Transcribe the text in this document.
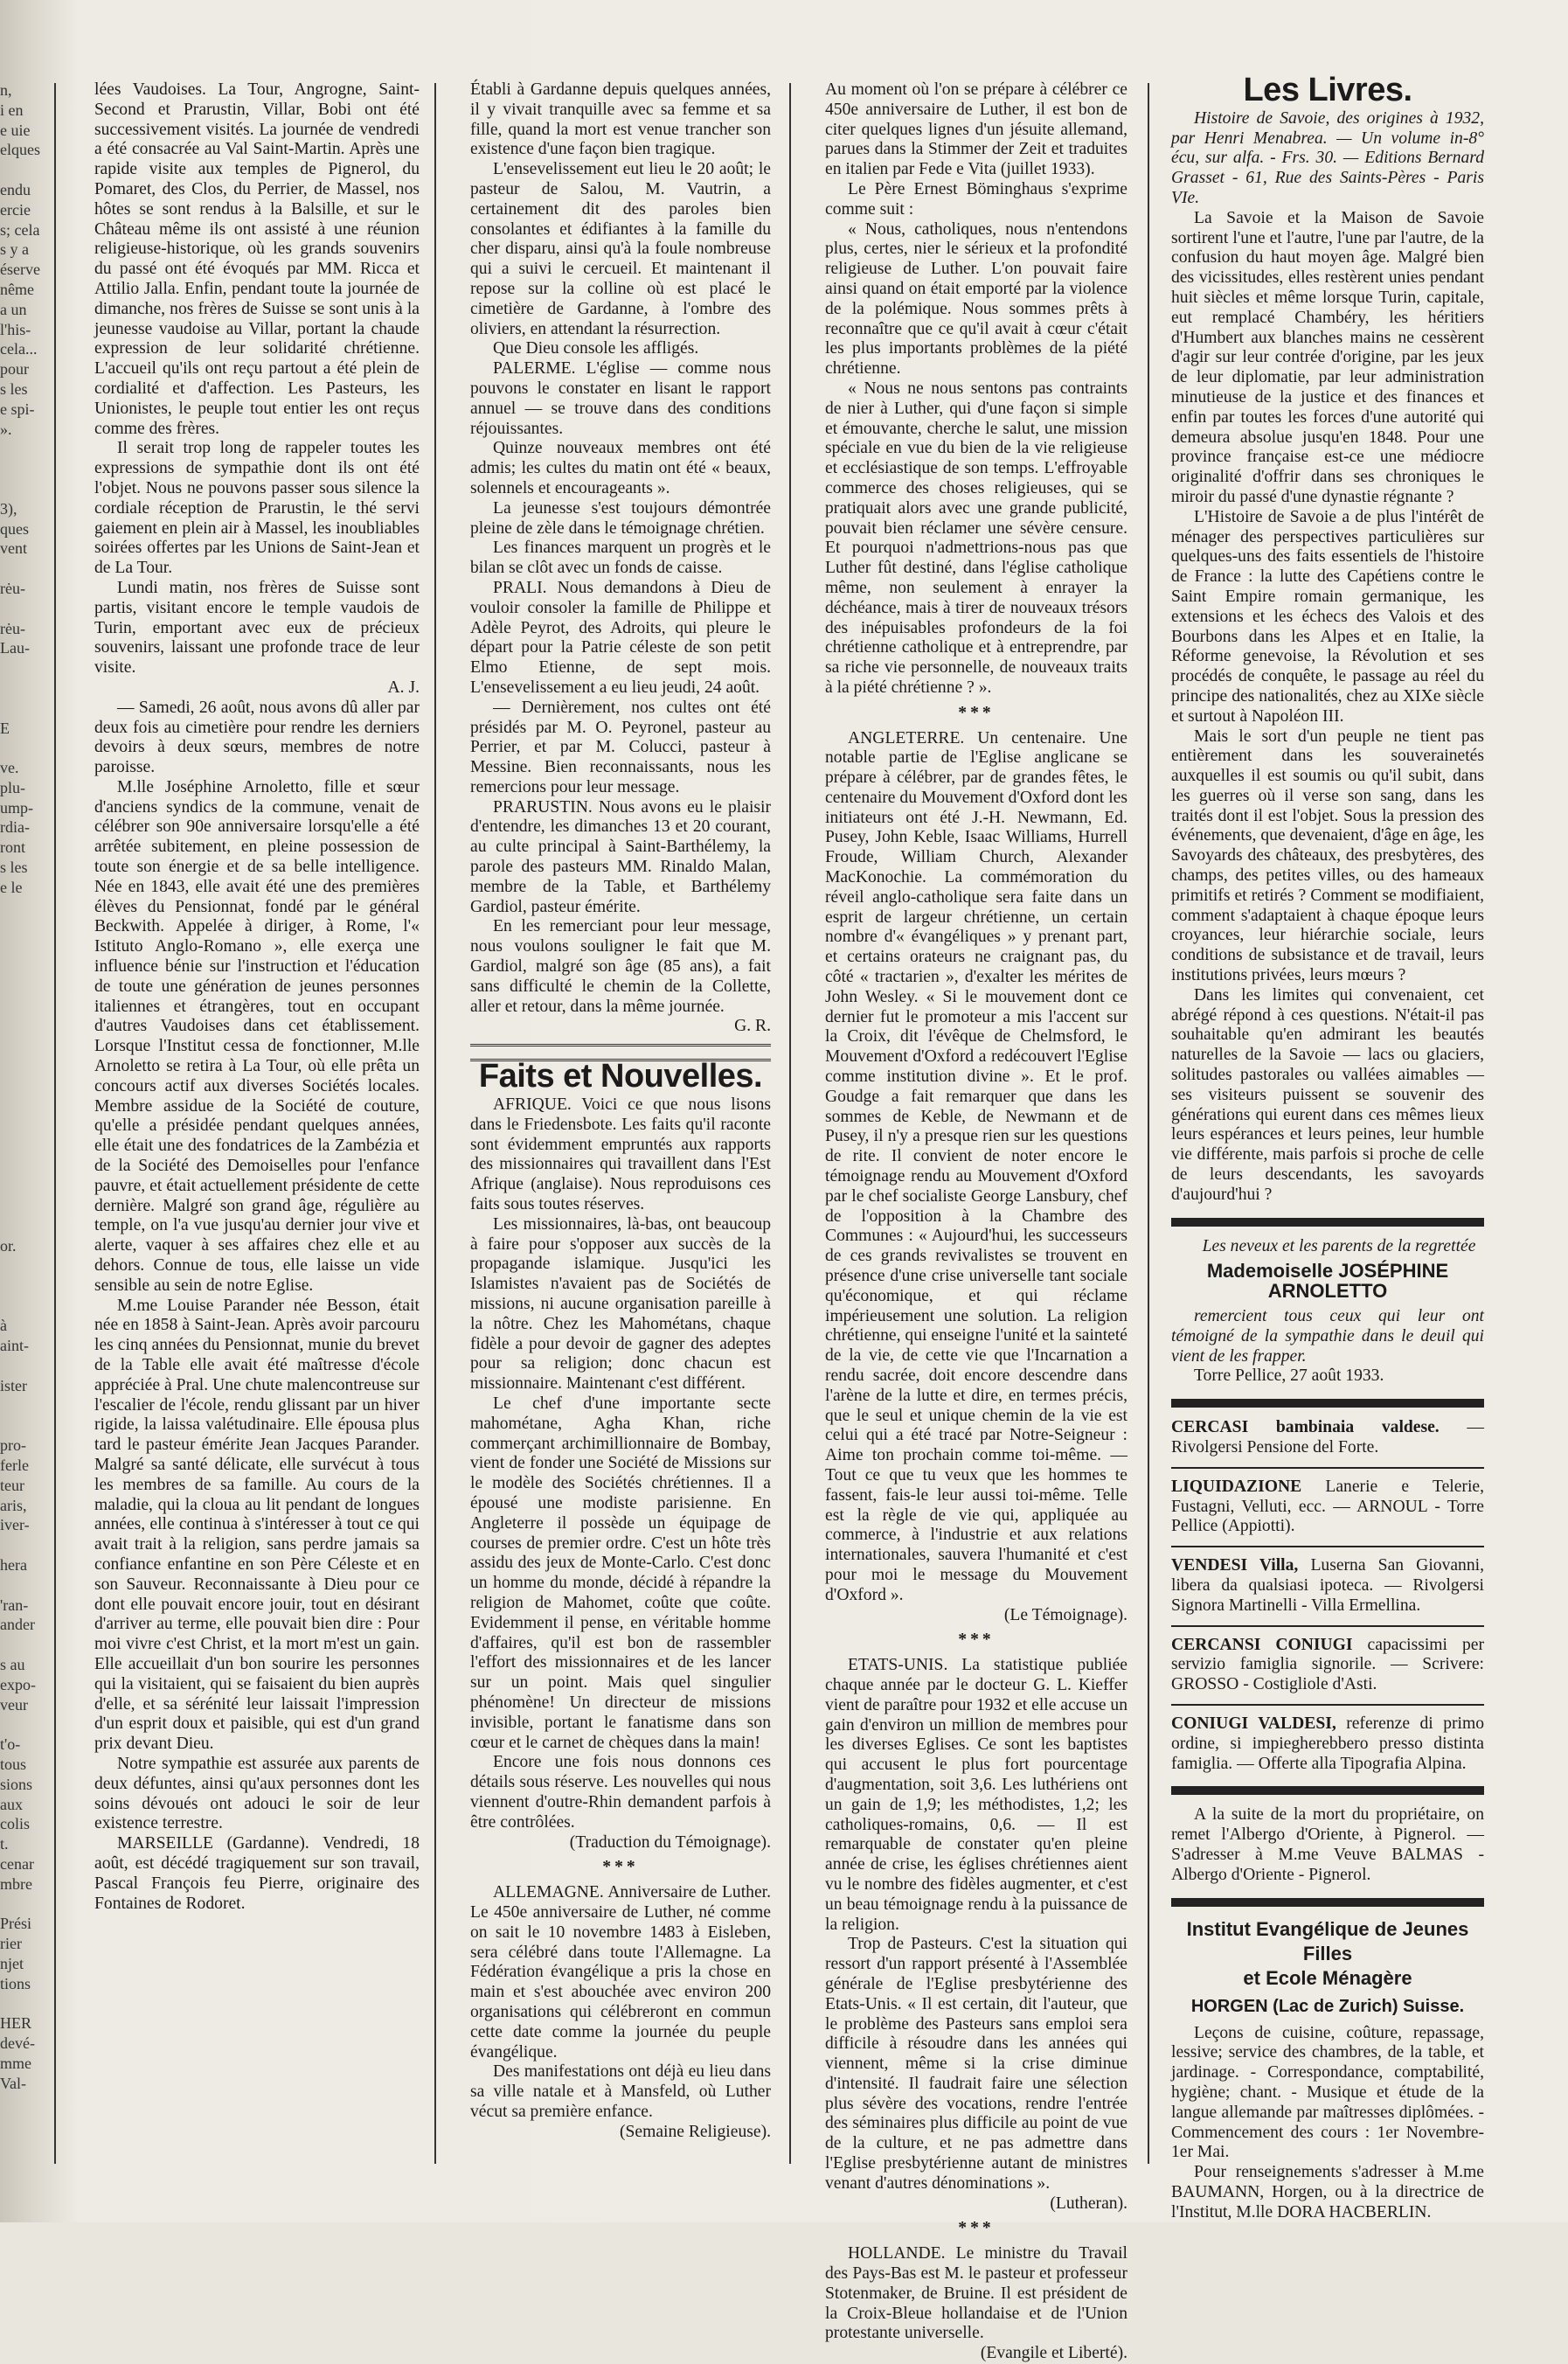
n,
i en
e uie
elques

endu
ercie
s; cela
s y a
éserve
nême
a un
l'his-
cela...
pour
s les
e spi-
».

3),
ques
vent

rėu-

rėu-
Lau-

E

ve.
plu-
ump-
rdia-
ront
s les
e le

or.

à
aint-

ister

pro-
ferle
teur
aris,
iver-

hera

'ran-
ander

s au
expo-
veur

t'o-
tous
sions
aux
colis
t.
cenar
mbre

Prési
rier
njet
tions

HER
devé-
mme
Val-

lées Vaudoises. La Tour, Angrogne, Saint-Second et Prarustin, Villar, Bobi ont été successivement visités. La journée de vendredi a été consacrée au Val Saint-Martin. Après une rapide visite aux temples de Pignerol, du Pomaret, des Clos, du Perrier, de Massel, nos hôtes se sont rendus à la Balsille, et sur le Château même ils ont assisté à une réunion religieuse-historique, où les grands souvenirs du passé ont été évoqués par MM. Ricca et Attilio Jalla. Enfin, pendant toute la journée de dimanche, nos frères de Suisse se sont unis à la jeunesse vaudoise au Villar, portant la chaude expression de leur solidarité chrétienne. L'accueil qu'ils ont reçu partout a été plein de cordialité et d'affection. Les Pasteurs, les Unionistes, le peuple tout entier les ont reçus comme des frères.

Il serait trop long de rappeler toutes les expressions de sympathie dont ils ont été l'objet. Nous ne pouvons passer sous silence la cordiale réception de Prarustin, le thé servi gaiement en plein air à Massel, les inoubliables soirées offertes par les Unions de Saint-Jean et de La Tour.

Lundi matin, nos frères de Suisse sont partis, visitant encore le temple vaudois de Turin, emportant avec eux de précieux souvenirs, laissant une profonde trace de leur visite.

A. J.

— Samedi, 26 août, nous avons dû aller par deux fois au cimetière pour rendre les derniers devoirs à deux sœurs, membres de notre paroisse.

M.lle Joséphine Arnoletto, fille et sœur d'anciens syndics de la commune, venait de célébrer son 90e anniversaire lorsqu'elle a été arrêtée subitement, en pleine possession de toute son énergie et de sa belle intelligence. Née en 1843, elle avait été une des premières élèves du Pensionnat, fondé par le général Beckwith. Appelée à diriger, à Rome, l'« Istituto Anglo-Romano », elle exerça une influence bénie sur l'instruction et l'éducation de toute une génération de jeunes personnes italiennes et étrangères, tout en occupant d'autres Vaudoises dans cet établissement. Lorsque l'Institut cessa de fonctionner, M.lle Arnoletto se retira à La Tour, où elle prêta un concours actif aux diverses Sociétés locales. Membre assidue de la Société de couture, qu'elle a présidée pendant quelques années, elle était une des fondatrices de la Zambézia et de la Société des Demoiselles pour l'enfance pauvre, et était actuellement présidente de cette dernière. Malgré son grand âge, régulière au temple, on l'a vue jusqu'au dernier jour vive et alerte, vaquer à ses affaires chez elle et au dehors. Connue de tous, elle laisse un vide sensible au sein de notre Eglise.

M.me Louise Parander née Besson, était née en 1858 à Saint-Jean. Après avoir parcouru les cinq années du Pensionnat, munie du brevet de la Table elle avait été maîtresse d'école appréciée à Pral. Une chute malencontreuse sur l'escalier de l'école, rendu glissant par un hiver rigide, la laissa valétudinaire. Elle épousa plus tard le pasteur émérite Jean Jacques Parander. Malgré sa santé délicate, elle survécut à tous les membres de sa famille. Au cours de la maladie, qui la cloua au lit pendant de longues années, elle continua à s'intéresser à tout ce qui avait trait à la religion, sans perdre jamais sa confiance enfantine en son Père Céleste et en son Sauveur. Reconnaissante à Dieu pour ce dont elle pouvait encore jouir, tout en désirant d'arriver au terme, elle pouvait bien dire : Pour moi vivre c'est Christ, et la mort m'est un gain. Elle accueillait d'un bon sourire les personnes qui la visitaient, qui se faisaient du bien auprès d'elle, et sa sérénité leur laissait l'impression d'un esprit doux et paisible, qui est d'un grand prix devant Dieu.

Notre sympathie est assurée aux parents de deux défuntes, ainsi qu'aux personnes dont les soins dévoués ont adouci le soir de leur existence terrestre.

MARSEILLE (Gardanne). Vendredi, 18 août, est décédé tragiquement sur son travail, Pascal François feu Pierre, originaire des Fontaines de Rodoret.

Établi à Gardanne depuis quelques années, il y vivait tranquille avec sa femme et sa fille, quand la mort est venue trancher son existence d'une façon bien tragique.

L'ensevelissement eut lieu le 20 août; le pasteur de Salou, M. Vautrin, a certainement dit des paroles bien consolantes et édifiantes à la famille du cher disparu, ainsi qu'à la foule nombreuse qui a suivi le cercueil. Et maintenant il repose sur la colline où est placé le cimetière de Gardanne, à l'ombre des oliviers, en attendant la résurrection.

Que Dieu console les affligés.

PALERME. L'église — comme nous pouvons le constater en lisant le rapport annuel — se trouve dans des conditions réjouissantes.

Quinze nouveaux membres ont été admis; les cultes du matin ont été « beaux, solennels et encourageants ».

La jeunesse s'est toujours démontrée pleine de zèle dans le témoignage chrétien.

Les finances marquent un progrès et le bilan se clôt avec un fonds de caisse.

PRALI. Nous demandons à Dieu de vouloir consoler la famille de Philippe et Adèle Peyrot, des Adroits, qui pleure le départ pour la Patrie céleste de son petit Elmo Etienne, de sept mois. L'ensevelissement a eu lieu jeudi, 24 août.

— Dernièrement, nos cultes ont été présidés par M. O. Peyronel, pasteur au Perrier, et par M. Colucci, pasteur à Messine. Bien reconnaissants, nous les remercions pour leur message.

PRARUSTIN. Nous avons eu le plaisir d'entendre, les dimanches 13 et 20 courant, au culte principal à Saint-Barthélemy, la parole des pasteurs MM. Rinaldo Malan, membre de la Table, et Barthélemy Gardiol, pasteur émérite.

En les remerciant pour leur message, nous voulons souligner le fait que M. Gardiol, malgré son âge (85 ans), a fait sans difficulté le chemin de la Collette, aller et retour, dans la même journée.

G. R.

Faits et Nouvelles.

AFRIQUE. Voici ce que nous lisons dans le Friedensbote. Les faits qu'il raconte sont évidemment empruntés aux rapports des missionnaires qui travaillent dans l'Est Afrique (anglaise). Nous reproduisons ces faits sous toutes réserves.

Les missionnaires, là-bas, ont beaucoup à faire pour s'opposer aux succès de la propagande islamique. Jusqu'ici les Islamistes n'avaient pas de Sociétés de missions, ni aucune organisation pareille à la nôtre. Chez les Mahométans, chaque fidèle a pour devoir de gagner des adeptes pour sa religion; donc chacun est missionnaire. Maintenant c'est différent.

Le chef d'une importante secte mahométane, Agha Khan, riche commerçant archimillionnaire de Bombay, vient de fonder une Société de Missions sur le modèle des Sociétés chrétiennes. Il a épousé une modiste parisienne. En Angleterre il possède un équipage de courses de premier ordre. C'est un hôte très assidu des jeux de Monte-Carlo. C'est donc un homme du monde, décidé à répandre la religion de Mahomet, coûte que coûte. Evidemment il pense, en véritable homme d'affaires, qu'il est bon de rassembler l'effort des missionnaires et de les lancer sur un point. Mais quel singulier phénomène! Un directeur de missions invisible, portant le fanatisme dans son cœur et le carnet de chèques dans la main!

Encore une fois nous donnons ces détails sous réserve. Les nouvelles qui nous viennent d'outre-Rhin demandent parfois à être contrôlées.

(Traduction du Témoignage).

***

ALLEMAGNE. Anniversaire de Luther. Le 450e anniversaire de Luther, né comme on sait le 10 novembre 1483 à Eisleben, sera célébré dans toute l'Allemagne. La Fédération évangélique a pris la chose en main et s'est abouchée avec environ 200 organisations qui célébreront en commun cette date comme la journée du peuple évangélique.

Des manifestations ont déjà eu lieu dans sa ville natale et à Mansfeld, où Luther vécut sa première enfance.

(Semaine Religieuse).

Au moment où l'on se prépare à célébrer ce 450e anniversaire de Luther, il est bon de citer quelques lignes d'un jésuite allemand, parues dans la Stimmer der Zeit et traduites en italien par Fede e Vita (juillet 1933).

Le Père Ernest Böminghaus s'exprime comme suit :

« Nous, catholiques, nous n'entendons plus, certes, nier le sérieux et la profondité religieuse de Luther. L'on pouvait faire ainsi quand on était emporté par la violence de la polémique. Nous sommes prêts à reconnaître que ce qu'il avait à cœur c'était les plus importants problèmes de la piété chrétienne.

« Nous ne nous sentons pas contraints de nier à Luther, qui d'une façon si simple et émouvante, cherche le salut, une mission spéciale en vue du bien de la vie religieuse et ecclésiastique de son temps. L'effroyable commerce des choses religieuses, qui se pratiquait alors avec une grande publicité, pouvait bien réclamer une sévère censure. Et pourquoi n'admettrions-nous pas que Luther fût destiné, dans l'église catholique même, non seulement à enrayer la déchéance, mais à tirer de nouveaux trésors des inépuisables profondeurs de la foi chrétienne catholique et à entreprendre, par sa riche vie personnelle, de nouveaux traits à la piété chrétienne ? ».

***

ANGLETERRE. Un centenaire. Une notable partie de l'Eglise anglicane se prépare à célébrer, par de grandes fêtes, le centenaire du Mouvement d'Oxford dont les initiateurs ont été J.-H. Newmann, Ed. Pusey, John Keble, Isaac Williams, Hurrell Froude, William Church, Alexander MacKonochie. La commémoration du réveil anglo-catholique sera faite dans un esprit de largeur chrétienne, un certain nombre d'« évangéliques » y prenant part, et certains orateurs ne craignant pas, du côté « tractarien », d'exalter les mérites de John Wesley. « Si le mouvement dont ce dernier fut le promoteur a mis l'accent sur la Croix, dit l'évêque de Chelmsford, le Mouvement d'Oxford a redécouvert l'Eglise comme institution divine ». Et le prof. Goudge a fait remarquer que dans les sommes de Keble, de Newmann et de Pusey, il n'y a presque rien sur les questions de rite. Il convient de noter encore le témoignage rendu au Mouvement d'Oxford par le chef socialiste George Lansbury, chef de l'opposition à la Chambre des Communes : « Aujourd'hui, les successeurs de ces grands revivalistes se trouvent en présence d'une crise universelle tant sociale qu'économique, et qui réclame impérieusement une solution. La religion chrétienne, qui enseigne l'unité et la sainteté de la vie, de cette vie que l'Incarnation a rendu sacrée, doit encore descendre dans l'arène de la lutte et dire, en termes précis, que le seul et unique chemin de la vie est celui qui a été tracé par Notre-Seigneur : Aime ton prochain comme toi-même. — Tout ce que tu veux que les hommes te fassent, fais-le leur aussi toi-même. Telle est la règle de vie qui, appliquée au commerce, à l'industrie et aux relations internationales, sauvera l'humanité et c'est pour moi le message du Mouvement d'Oxford ».

(Le Témoignage).

***

ETATS-UNIS. La statistique publiée chaque année par le docteur G. L. Kieffer vient de paraître pour 1932 et elle accuse un gain d'environ un million de membres pour les diverses Eglises. Ce sont les baptistes qui accusent le plus fort pourcentage d'augmentation, soit 3,6. Les luthériens ont un gain de 1,9; les méthodistes, 1,2; les catholiques-romains, 0,6. — Il est remarquable de constater qu'en pleine année de crise, les églises chrétiennes aient vu le nombre des fidèles augmenter, et c'est un beau témoignage rendu à la puissance de la religion.

Trop de Pasteurs. C'est la situation qui ressort d'un rapport présenté à l'Assemblée générale de l'Eglise presbytérienne des Etats-Unis. « Il est certain, dit l'auteur, que le problème des Pasteurs sans emploi sera difficile à résoudre dans les années qui viennent, même si la crise diminue d'intensité. Il faudrait faire une sélection plus sévère des vocations, rendre l'entrée des séminaires plus difficile au point de vue de la culture, et ne pas admettre dans l'Eglise presbytérienne autant de ministres venant d'autres dénominations ».

(Lutheran).

***

HOLLANDE. Le ministre du Travail des Pays-Bas est M. le pasteur et professeur Stotenmaker, de Bruine. Il est président de la Croix-Bleue hollandaise et de l'Union protestante universelle.

(Evangile et Liberté).

Les Livres.

Histoire de Savoie, des origines à 1932, par Henri Menabrea. — Un volume in-8° écu, sur alfa. - Frs. 30. — Editions Bernard Grasset - 61, Rue des Saints-Pères - Paris VIe.

La Savoie et la Maison de Savoie sortirent l'une et l'autre, l'une par l'autre, de la confusion du haut moyen âge. Malgré bien des vicissitudes, elles restèrent unies pendant huit siècles et même lorsque Turin, capitale, eut remplacé Chambéry, les héritiers d'Humbert aux blanches mains ne cessèrent d'agir sur leur contrée d'origine, par les jeux de leur diplomatie, par leur administration minutieuse de la justice et des finances et enfin par toutes les forces d'une autorité qui demeura absolue jusqu'en 1848. Pour une province française est-ce une médiocre originalité d'offrir dans ses chroniques le miroir du passé d'une dynastie régnante ?

L'Histoire de Savoie a de plus l'intérêt de ménager des perspectives particulières sur quelques-uns des faits essentiels de l'histoire de France : la lutte des Capétiens contre le Saint Empire romain germanique, les extensions et les échecs des Valois et des Bourbons dans les Alpes et en Italie, la Réforme genevoise, la Révolution et ses procédés de conquête, le passage au réel du principe des nationalités, chez au XIXe siècle et surtout à Napoléon III.

Mais le sort d'un peuple ne tient pas entièrement dans les souverainetés auxquelles il est soumis ou qu'il subit, dans les guerres où il verse son sang, dans les traités dont il est l'objet. Sous la pression des événements, que devenaient, d'âge en âge, les Savoyards des châteaux, des presbytères, des champs, des petites villes, ou des hameaux primitifs et retirés ? Comment se modifiaient, comment s'adaptaient à chaque époque leurs croyances, leur hiérarchie sociale, leurs conditions de subsistance et de travail, leurs institutions privées, leurs mœurs ?

Dans les limites qui convenaient, cet abrégé répond à ces questions. N'était-il pas souhaitable qu'en admirant les beautés naturelles de la Savoie — lacs ou glaciers, solitudes pastorales ou vallées aimables — ses visiteurs puissent se souvenir des générations qui eurent dans ces mêmes lieux leurs espérances et leurs peines, leur humble vie différente, mais parfois si proche de celle de leurs descendants, les savoyards d'aujourd'hui ?

Les neveux et les parents de la regrettée

Mademoiselle JOSÉPHINE ARNOLETTO

remercient tous ceux qui leur ont témoigné de la sympathie dans le deuil qui vient de les frapper.

Torre Pellice, 27 août 1933.

CERCASI bambinaia valdese. — Rivolgersi Pensione del Forte.

LIQUIDAZIONE Lanerie e Telerie, Fustagni, Velluti, ecc. — ARNOUL - Torre Pellice (Appiotti).

VENDESI Villa, Luserna San Giovanni, libera da qualsiasi ipoteca. — Rivolgersi Signora Martinelli - Villa Ermellina.

CERCANSI CONIUGI capacissimi per servizio famiglia signorile. — Scrivere: GROSSO - Costigliole d'Asti.

CONIUGI VALDESI, referenze di primo ordine, si impiegherebbero presso distinta famiglia. — Offerte alla Tipografia Alpina.

A la suite de la mort du propriétaire, on remet l'Albergo d'Oriente, à Pignerol. — S'adresser à M.me Veuve BALMAS - Albergo d'Oriente - Pignerol.

Institut Evangélique de Jeunes Filles
et Ecole Ménagère
HORGEN (Lac de Zurich) Suisse.

Leçons de cuisine, coûture, repassage, lessive; service des chambres, de la table, et jardinage. - Correspondance, comptabilité, hygiène; chant. - Musique et étude de la langue allemande par maîtresses diplômées. - Commencement des cours : 1er Novembre-1er Mai.

Pour renseignements s'adresser à M.me BAUMANN, Horgen, ou à la directrice de l'Institut, M.lle DORA HACBERLIN.
